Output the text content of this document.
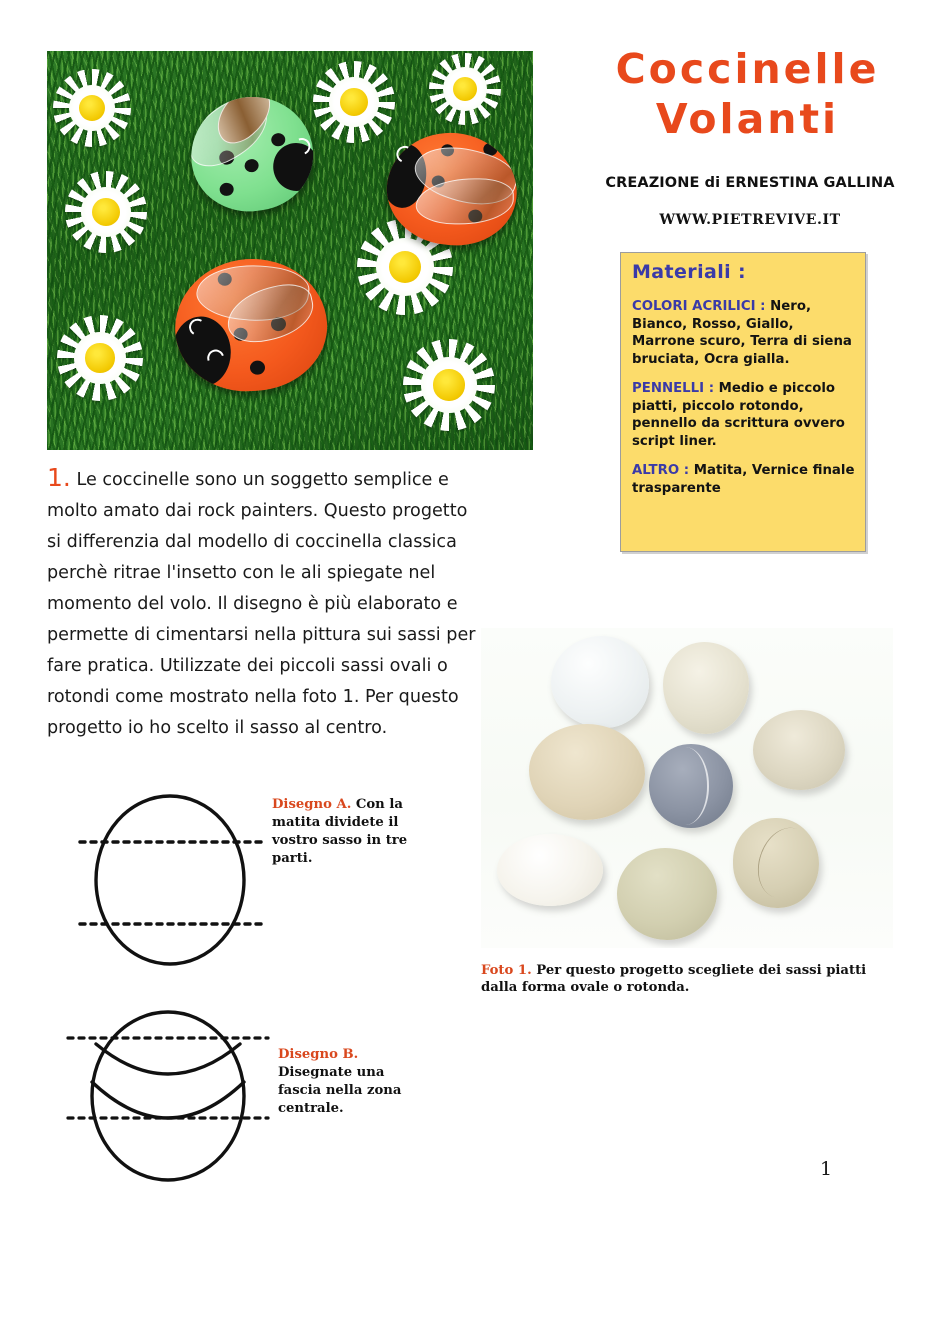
Coccinelle
Volanti
CREAZIONE di ERNESTINA GALLINA
WWW.PIETREVIVE.IT
Materiali :

COLORI ACRILICI : Nero, Bianco, Rosso, Giallo, Marrone scuro, Terra di siena bruciata, Ocra gialla.

PENNELLI : Medio e piccolo piatti, piccolo rotondo, pennello da scrittura ovvero script liner.

ALTRO : Matita, Vernice finale trasparente

1. Le coccinelle sono un soggetto semplice e molto amato dai rock painters. Questo progetto si differenzia dal modello di coccinella classica perchè ritrae l'insetto con le ali spiegate nel momento del volo. Il disegno è più elaborato e permette di cimentarsi nella pittura sui sassi per fare pratica. Utilizzate dei piccoli sassi ovali o rotondi come mostrato nella foto 1. Per questo progetto io ho scelto il sasso al centro.
Disegno A. Con la matita dividete il vostro sasso in tre parti.
Disegno B. Disegnate una fascia nella zona centrale.
Foto 1. Per questo progetto scegliete dei sassi piatti dalla forma ovale o rotonda.
1
